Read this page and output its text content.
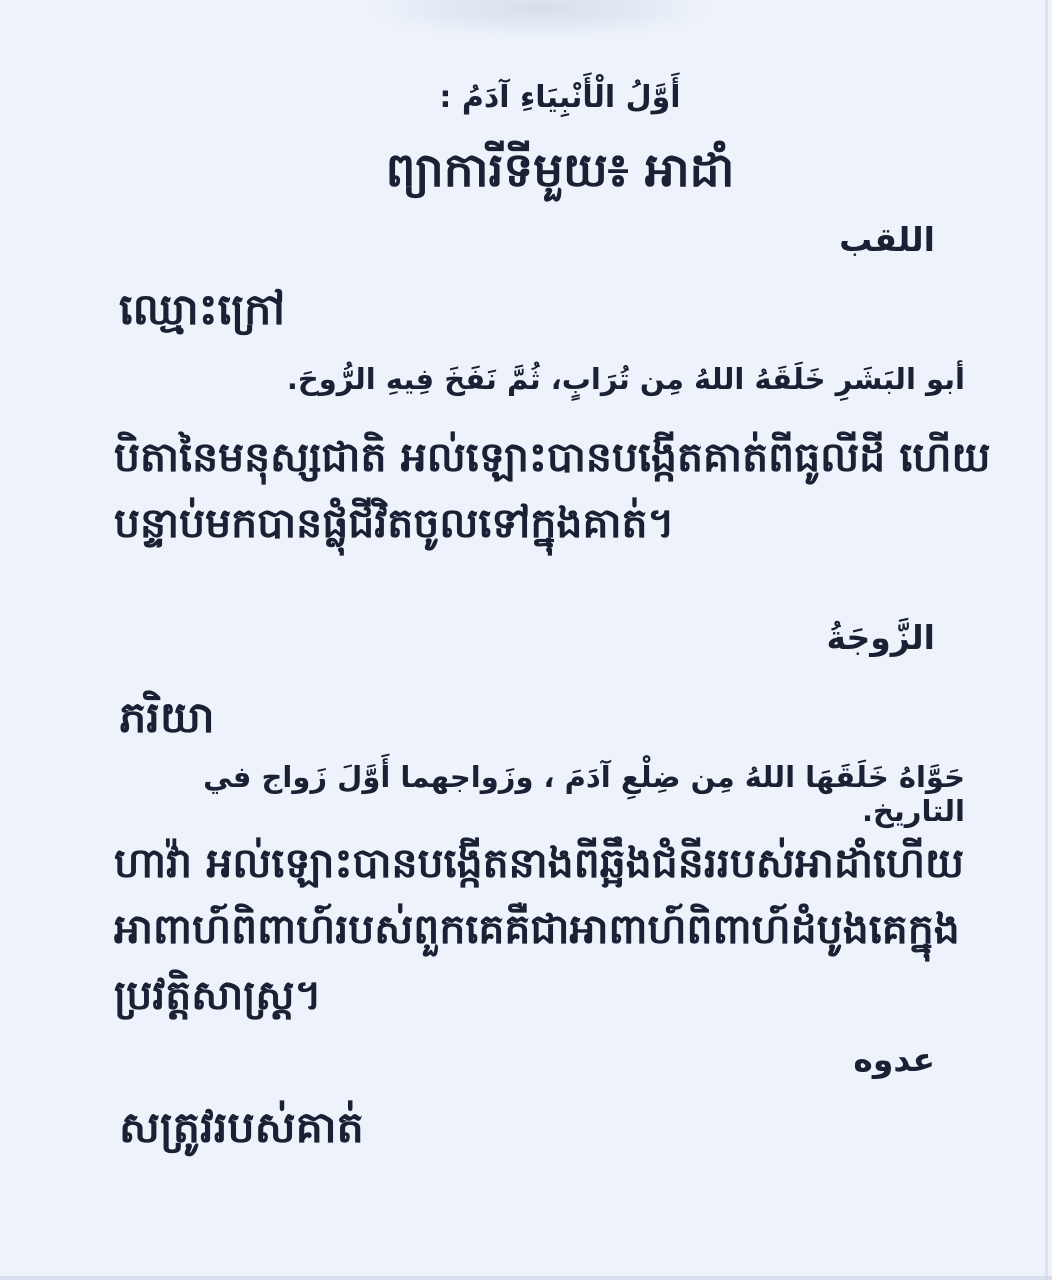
أَوَّلُ الْأَنْبِيَاءِ آدَمُ :
ព្យាការីទីមួយ៖ អាដាំ
اللقب
ឈ្មោះក្រៅ
أبو البَشَرِ خَلَقَهُ اللهُ مِن تُرَابٍ، ثُمَّ نَفَخَ فِيهِ الرُّوحَ.
បិតានៃមនុស្សជាតិ អល់ឡោះបានបង្កើតគាត់ពីធូលីដី ហើយ
បន្ទាប់មកបានផ្លុំជីវិតចូលទៅក្នុងគាត់។
الزَّوجَةُ
ភរិយា
حَوَّاهُ خَلَقَهَا اللهُ مِن ضِلْعِ آدَمَ ، وزَواجهما أَوَّلَ زَواج في التاريخ.
ហាវ៉ា អល់ឡោះបានបង្កើតនាងពីឆ្អឹងជំនីររបស់អាដាំហើយ
អាពាហ៍ពិពាហ៍របស់ពួកគេគឺជាអាពាហ៍ពិពាហ៍ដំបូងគេក្នុង
ប្រវត្តិសាស្ត្រ។
عدوه
សត្រូវរបស់គាត់
